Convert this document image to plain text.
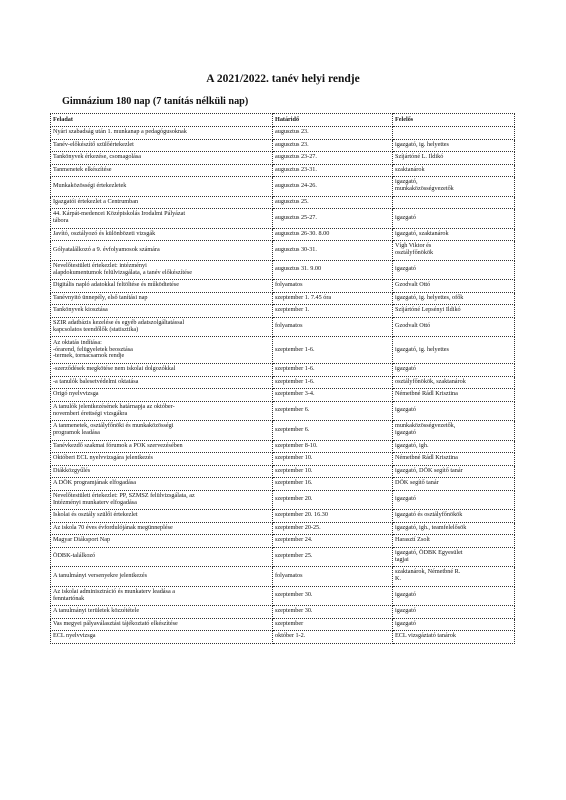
A 2021/2022. tanév helyi rendje
Gimnázium 180 nap (7 tanítás nélküli nap)
Feladat	Határidő	Felelős
Nyári szabadság után 1. munkanap a pedagógusoknak	augusztus 23.	
Tanév-előkészítő szülőértekezlet	augusztus 23.	igazgató, ig. helyettes
Tankönyvek érkezése, csomagolása	augusztus 23-27.	Szíjártóné L. Ildikó
Tanmenetek elkészítése	augusztus 23-31.	szaktanárok
Munkaközösségi értekezletek	augusztus 24-26.	igazgató,
munkaközösségvezetők
Igazgatói értekezlet a Centrumban	augusztus 25.	
44. Kárpát-medencei Középiskolás Irodalmi Pályázat
tábora	augusztus 25-27.	igazgató
Javító, osztályozó és különbözeti vizsgák	augusztus 26-30. 8.00	igazgató, szaktanárok
Gólyatalálkozó a 9. évfolyamosok számára	augusztus 30-31.	Vígh Viktor és
osztályfőnökök
Nevelőtestületi értekezlet: intézményi
alapdokumentumok felülvizsgálata, a tanév előkészítése	augusztus 31. 9.00	igazgató
Digitális napló adatokkal feltöltése és működtetése	folyamatos	Gzodvalt Ottó
Tanévnyitó ünnepély, első tanítási nap	szeptember 1. 7.45 óra	igazgató, ig. helyettes, ofők
Tankönyvek kiosztása	szeptember 1.	Szíjártóné Lepsényi Ildikó
SZIR adatbázis kezelése és egyéb adatszolgáltatással
kapcsolatos teendőlők (statisztika)	folyamatos	Gzodvalt Ottó
Az oktatás indítása:
-órarend, felügyeletek beosztása
-termek, tornacsarnok rendje	szeptember 1-6.	igazgató, ig. helyettes
-szerződések megkötése nem iskolai dolgozókkal	szeptember 1-6.	igazgató
-a tanulók balesetvédelmi oktatása	szeptember 1-6.	osztályfőnökök, szaktanárok
Origó nyelvvizsga	szeptember 3-4.	Németbné Rádl Krisztina
A tanulók jelentkezésének határnapja az október-
novemberi érettségi vizsgákra	szeptember 6.	igazgató
A tanmenetek, osztályfőnöki és munkaközösségi
programok leadása	szeptember 6.	munkaközösségvezetők,
igazgató
Tanévkezdő szakmai fórumok a POK szervezésében	szeptember 8-10.	igazgató, igh.
Októberi ECL nyelvvizsgára jelentkezés	szeptember 10.	Németbné Rádl Krisztina
Diákközgyűlés	szeptember 10.	igazgató, DÖK segítő tanár
A DÖK programjának elfogadása	szeptember 16.	DÖK segítő tanár
Nevelőtestületi értekezlet: PP, SZMSZ felülvizsgálata, az
Intézményi munkaterv elfogadása	szeptember 20.	igazgató
Iskolai és osztály szülői értekezlet	szeptember 20. 16.30	igazgató és osztályfőnökök
Az iskola 70 éves évfordulójának megünneplése	szeptember 20-25.	igazgató, igh., teamfelelősök
Magyar Diáksport Nap	szeptember 24.	Harasztí Zsolt
ÖDBK-találkozó	szeptember 25.	igazgató, ÖDBK Egyesület
tagjai
A tanulmányi versenyekre jelentkezés	folyamatos	szaktanárok, Németbné R.
K.
Az iskolai adminisztráció és munkaterv leadása a
fenntartónak	szeptember 30.	igazgató
A tanulmányi területek közzététele	szeptember 30.	igazgató
Vas megyei pályaválasztási tájékoztató elkészítése	szeptember	igazgató
ECL nyelvvizsga	október 1-2.	ECL vizsgáztató tanárok
